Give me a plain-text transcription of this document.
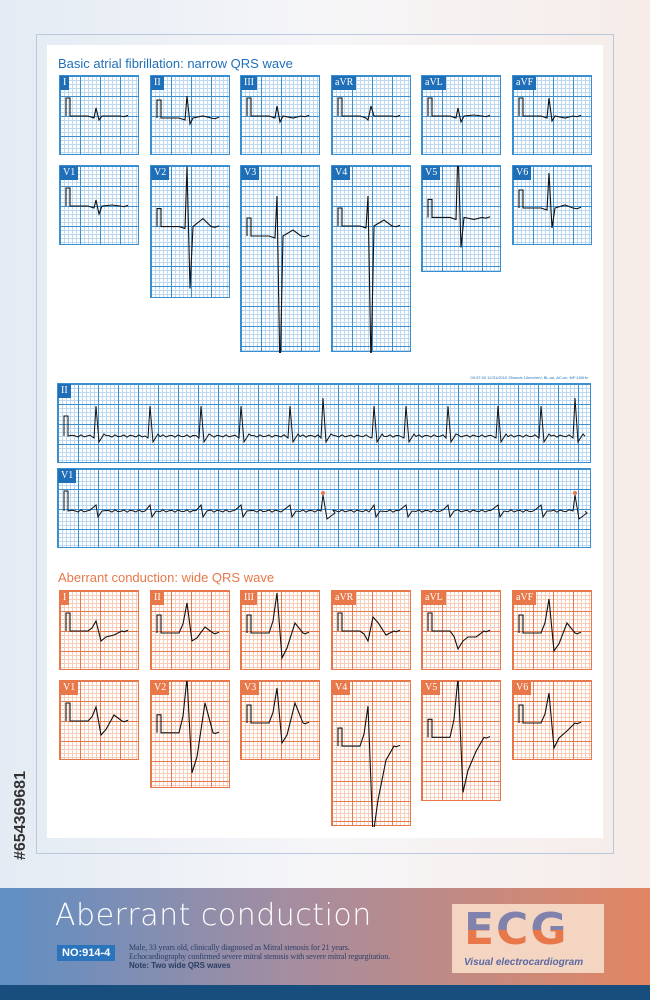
Basic atrial fibrillation: narrow QRS wave
Aberrant conduction: wide QRS wave
#654369681
Aberrant conduction
NO:914-4	Male, 33 years old, clinically diagnosed as Mitral stenosis for 21 years.
Echocardiography confirmed severe mitral stenosis with severe mitral regurgitation.
Note: Two wide QRS waves
ECG
Visual electrocardiogram
I
I
II
II
III
III
aVR
aVR
aVL
aVL
aVF
aVF
V1
V1
V2
V2
V3
V3
V4
V4
V5
V5
V6
V6
II
09:37:00 12/31/2010 25mm/s 10mm/mV, BL:on, AC:on, MF:150Hz
V1
